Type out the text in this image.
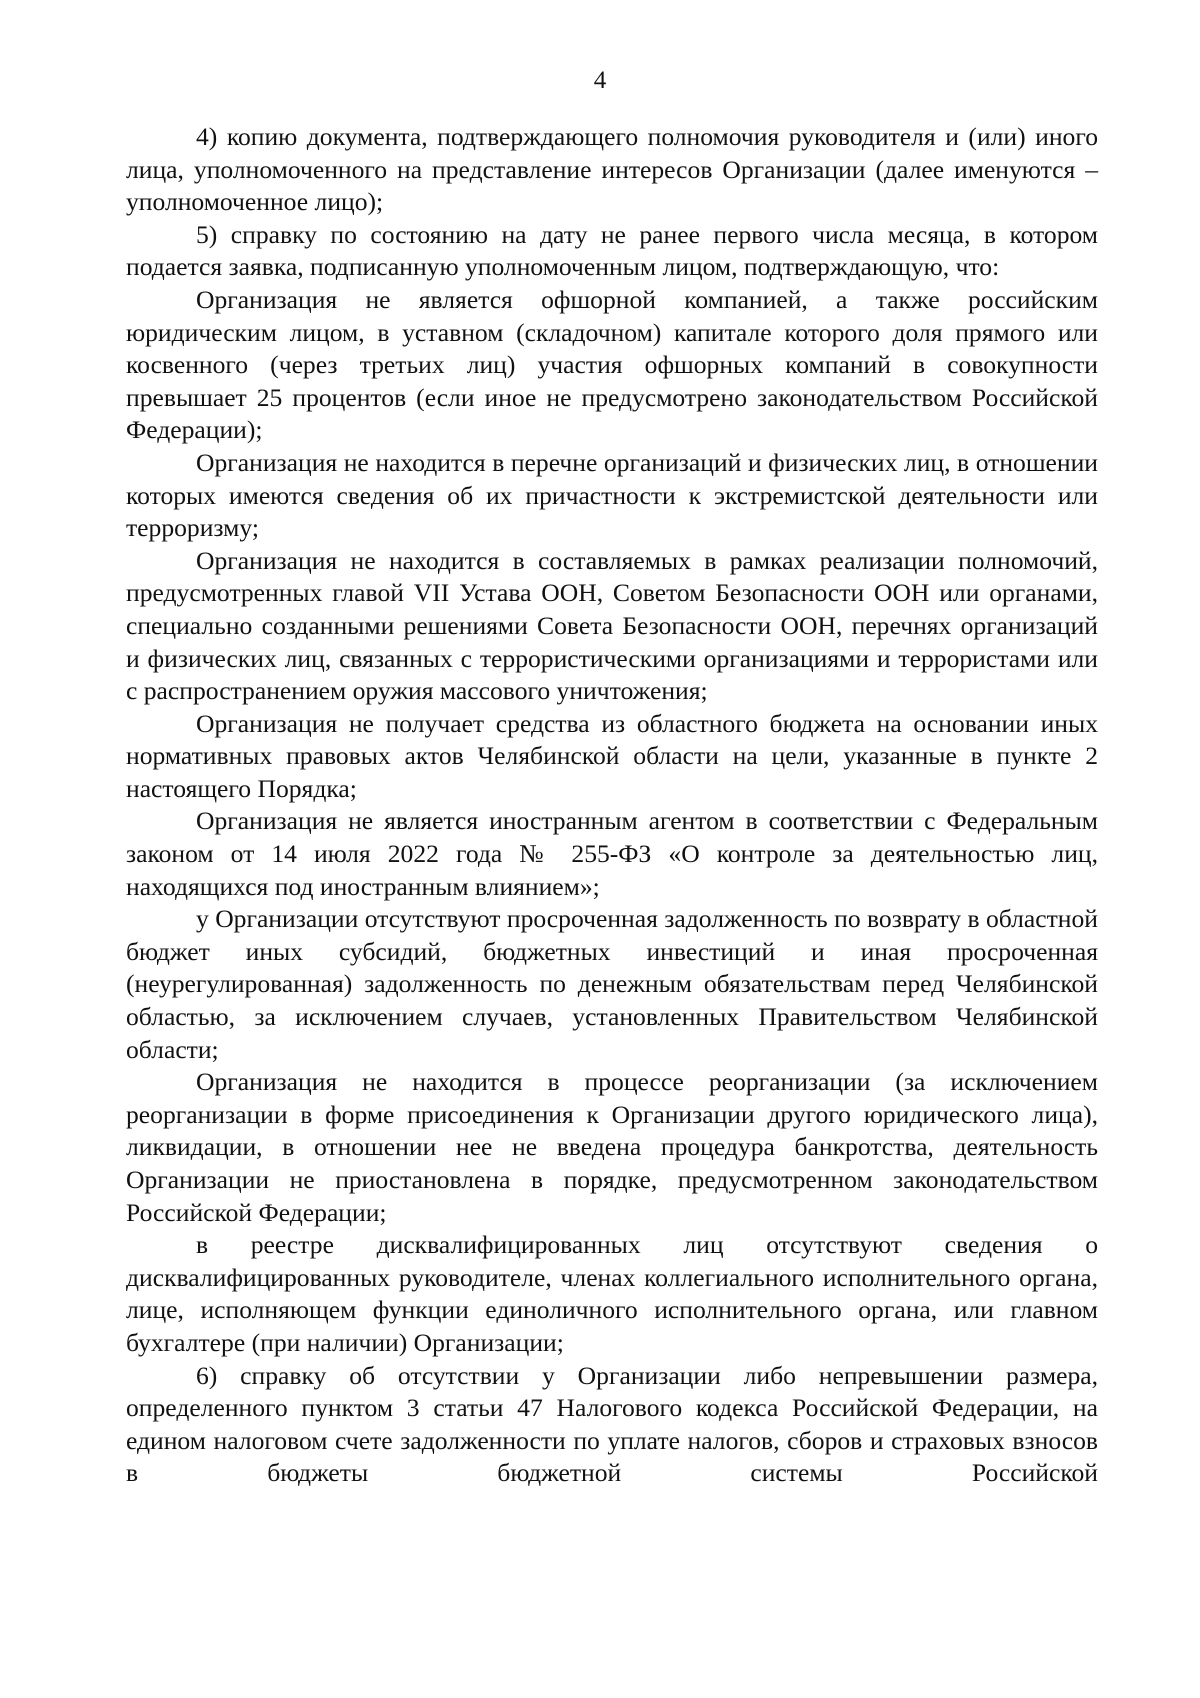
4

4) копию документа, подтверждающего полномочия руководителя и (или) иного лица, уполномоченного на представление интересов Организации (далее именуются – уполномоченное лицо);

5) справку по состоянию на дату не ранее первого числа месяца, в котором подается заявка, подписанную уполномоченным лицом, подтверждающую, что:

Организация не является офшорной компанией, а также российским юридическим лицом, в уставном (складочном) капитале которого доля прямого или косвенного (через третьих лиц) участия офшорных компаний в совокупности превышает 25 процентов (если иное не предусмотрено законодательством Российской Федерации);

Организация не находится в перечне организаций и физических лиц, в отношении которых имеются сведения об их причастности к экстремистской деятельности или терроризму;

Организация не находится в составляемых в рамках реализации полномочий, предусмотренных главой VII Устава ООН, Советом Безопасности ООН или органами, специально созданными решениями Совета Безопасности ООН, перечнях организаций и физических лиц, связанных с террористическими организациями и террористами или с распространением оружия массового уничтожения;

Организация не получает средства из областного бюджета на основании иных нормативных правовых актов Челябинской области на цели, указанные в пункте 2 настоящего Порядка;

Организация не является иностранным агентом в соответствии с Федеральным законом от 14 июля 2022 года № 255-ФЗ «О контроле за деятельностью лиц, находящихся под иностранным влиянием»;

у Организации отсутствуют просроченная задолженность по возврату в областной бюджет иных субсидий, бюджетных инвестиций и иная просроченная (неурегулированная) задолженность по денежным обязательствам перед Челябинской областью, за исключением случаев, установленных Правительством Челябинской области;

Организация не находится в процессе реорганизации (за исключением реорганизации в форме присоединения к Организации другого юридического лица), ликвидации, в отношении нее не введена процедура банкротства, деятельность Организации не приостановлена в порядке, предусмотренном законодательством Российской Федерации;

в реестре дисквалифицированных лиц отсутствуют сведения о дисквалифицированных руководителе, членах коллегиального исполнительного органа, лице, исполняющем функции единоличного исполнительного органа, или главном бухгалтере (при наличии) Организации;

6) справку об отсутствии у Организации либо непревышении размера, определенного пунктом 3 статьи 47 Налогового кодекса Российской Федерации, на едином налоговом счете задолженности по уплате налогов, сборов и страховых взносов в бюджеты бюджетной системы Российской
